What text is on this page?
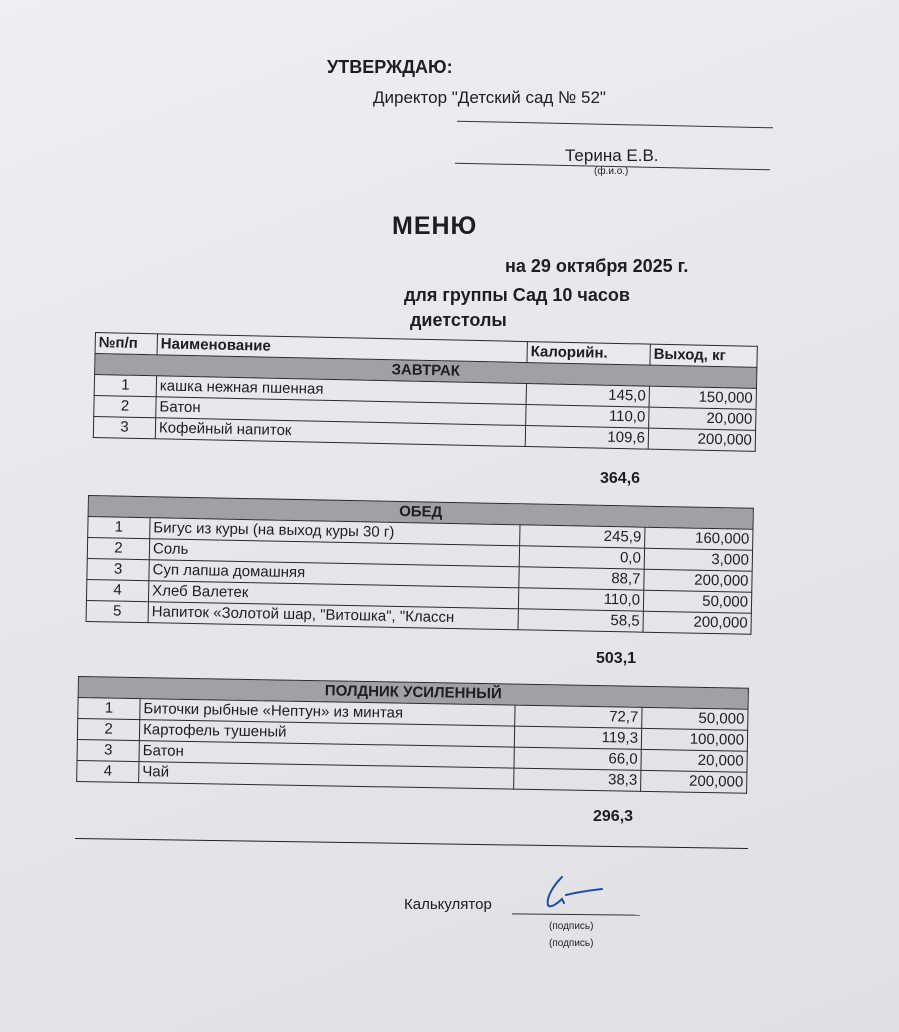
УТВЕРЖДАЮ:
Директор "Детский сад № 52"
Терина Е.В.
(ф.и.о.)
МЕНЮ
на 29 октября 2025 г.
для группы Сад 10 часов
диетстолы
№п/п	Наименование	Калорийн.	Выход, кг
ЗАВТРАК			
1	кашка нежная пшенная	145,0	150,000
2	Батон	110,0	20,000
3	Кофейный напиток	109,6	200,000
364,6
ОБЕД			
1	Бигус из куры (на выход куры 30 г)	245,9	160,000
2	Соль	0,0	3,000
3	Суп лапша домашняя	88,7	200,000
4	Хлеб Валетек	110,0	50,000
5	Напиток «Золотой шар, "Витошка", "Классн	58,5	200,000
503,1
ПОЛДНИК УСИЛЕННЫЙ			
1	Биточки рыбные «Нептун» из минтая	72,7	50,000
2	Картофель тушеный	119,3	100,000
3	Батон	66,0	20,000
4	Чай	38,3	200,000
296,3
Калькулятор
(подпись)
(подпись)
